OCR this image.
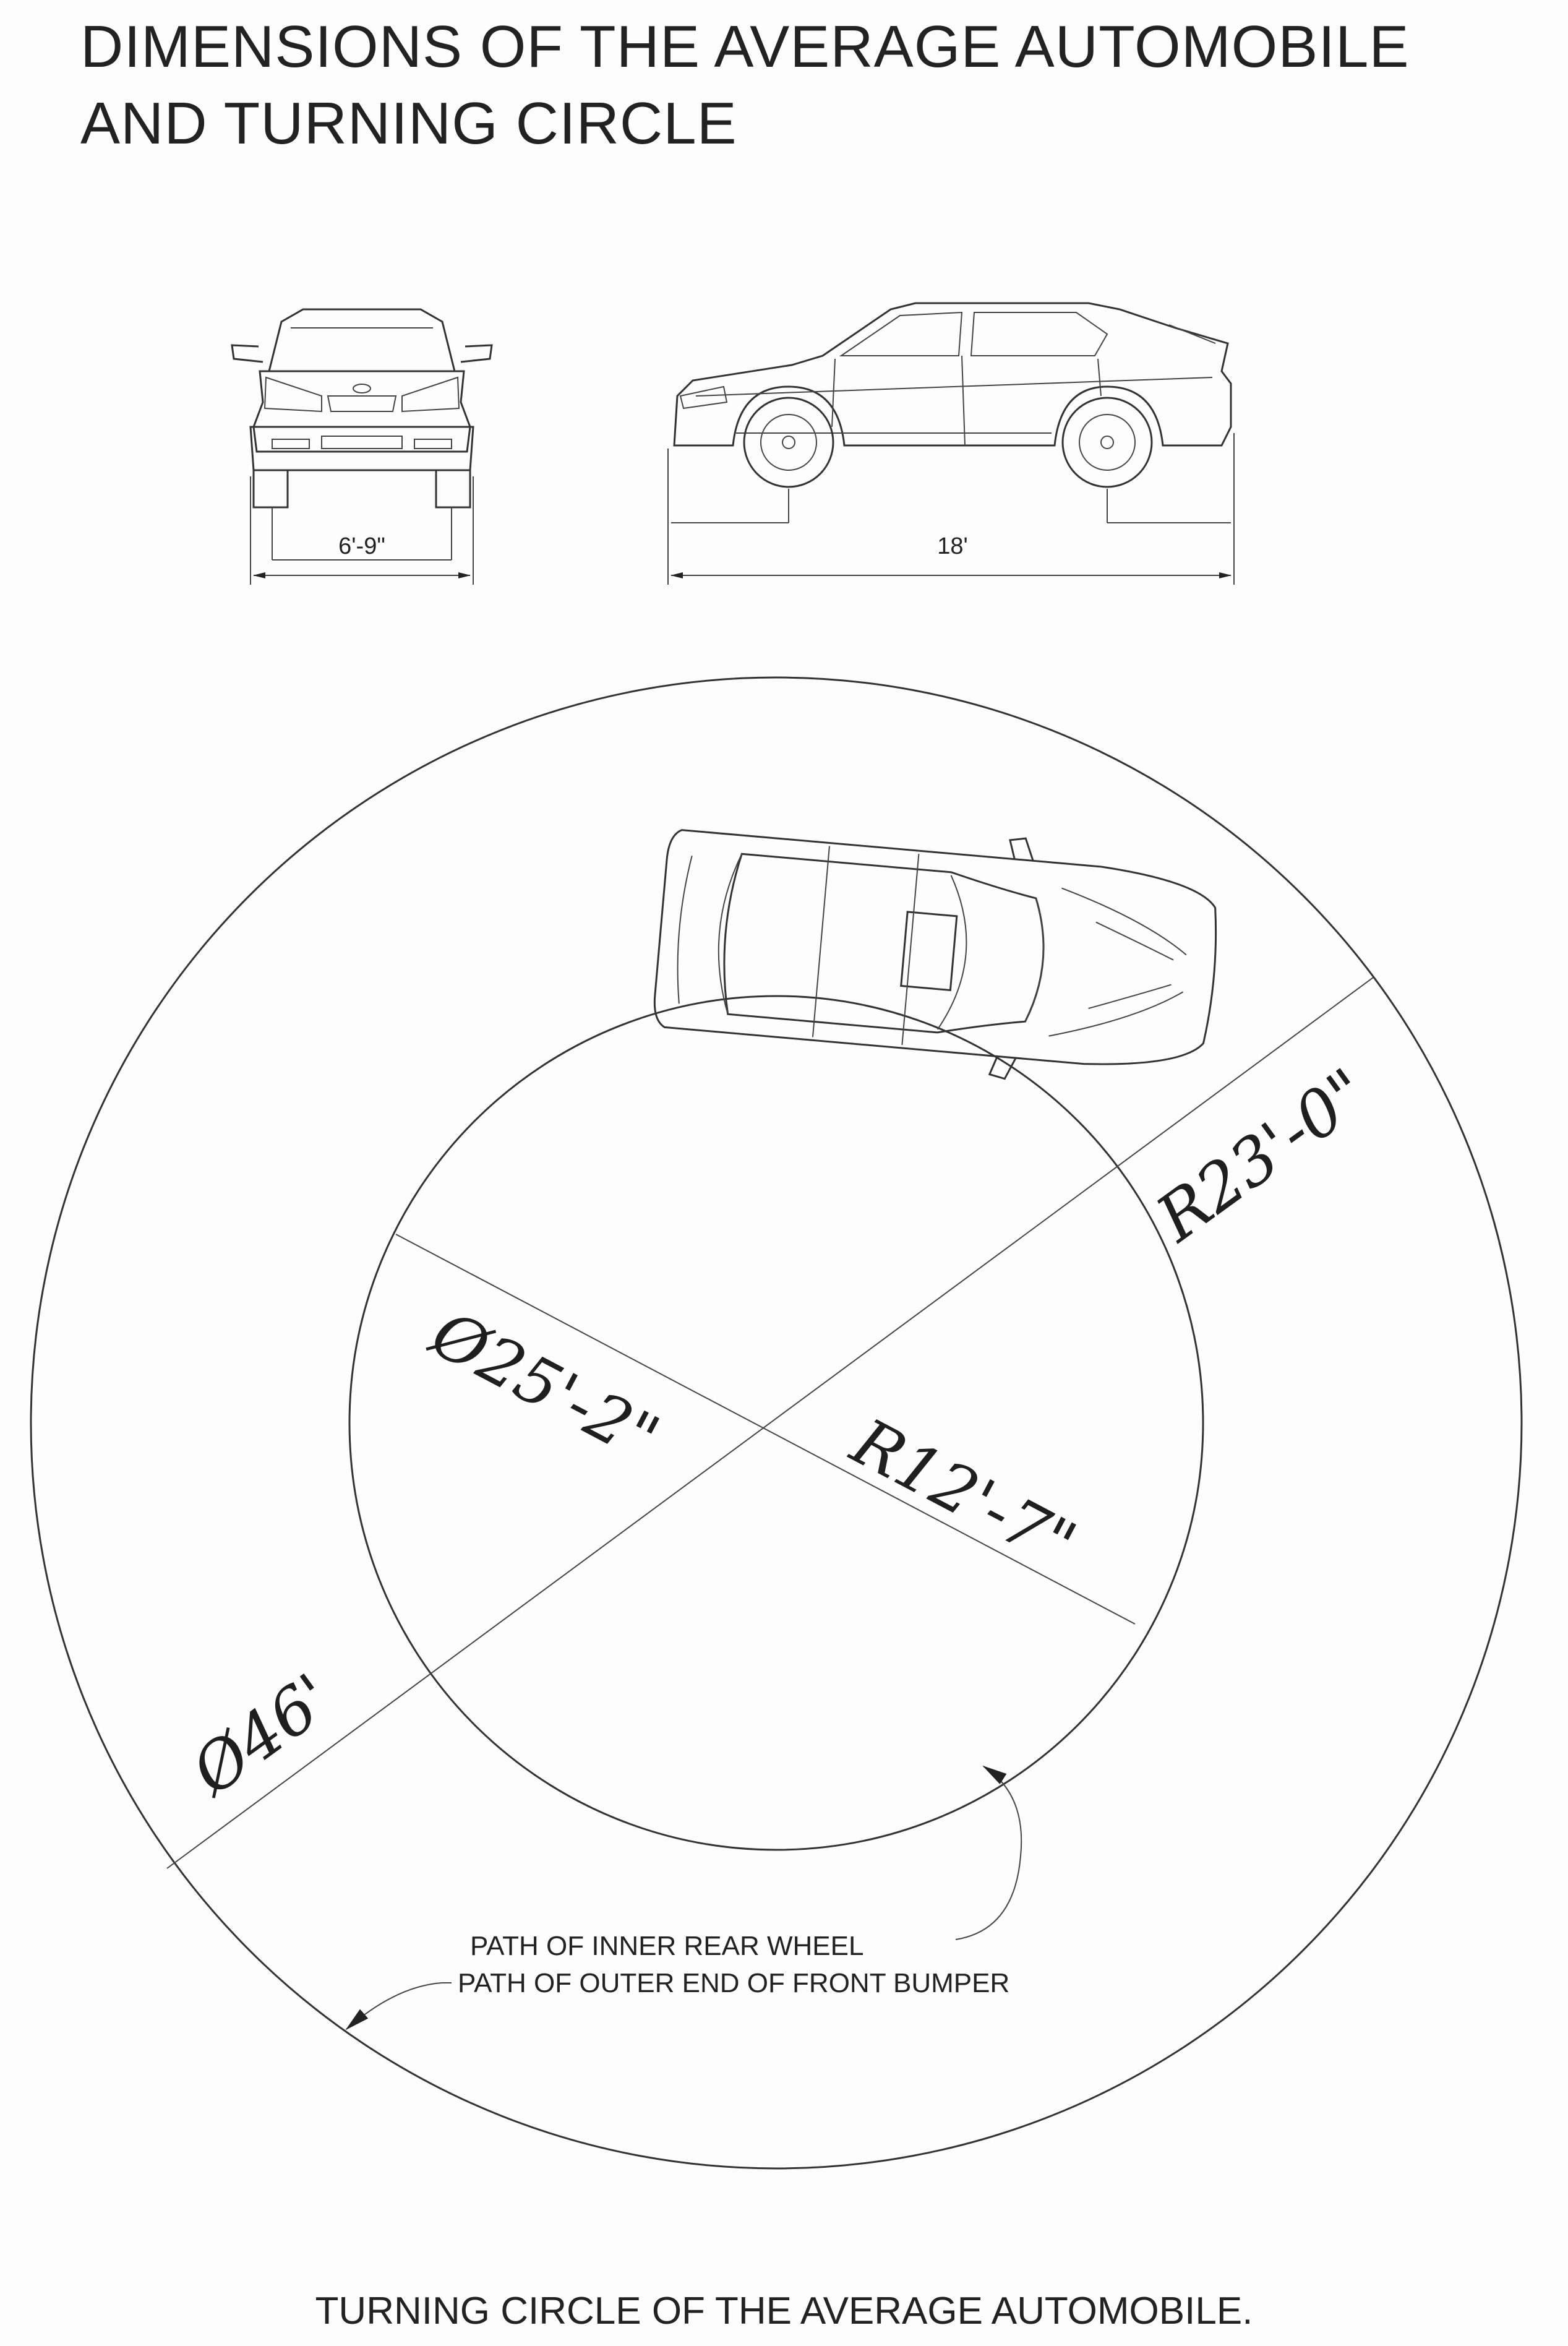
DIMENSIONS OF THE AVERAGE AUTOMOBILE
AND TURNING CIRCLE
6'-9"	18'
R23'-0"
Ø25'-2"
R12'-7"
Ø46'
PATH OF INNER REAR WHEEL
PATH OF OUTER END OF FRONT BUMPER
TURNING CIRCLE OF THE AVERAGE AUTOMOBILE.
